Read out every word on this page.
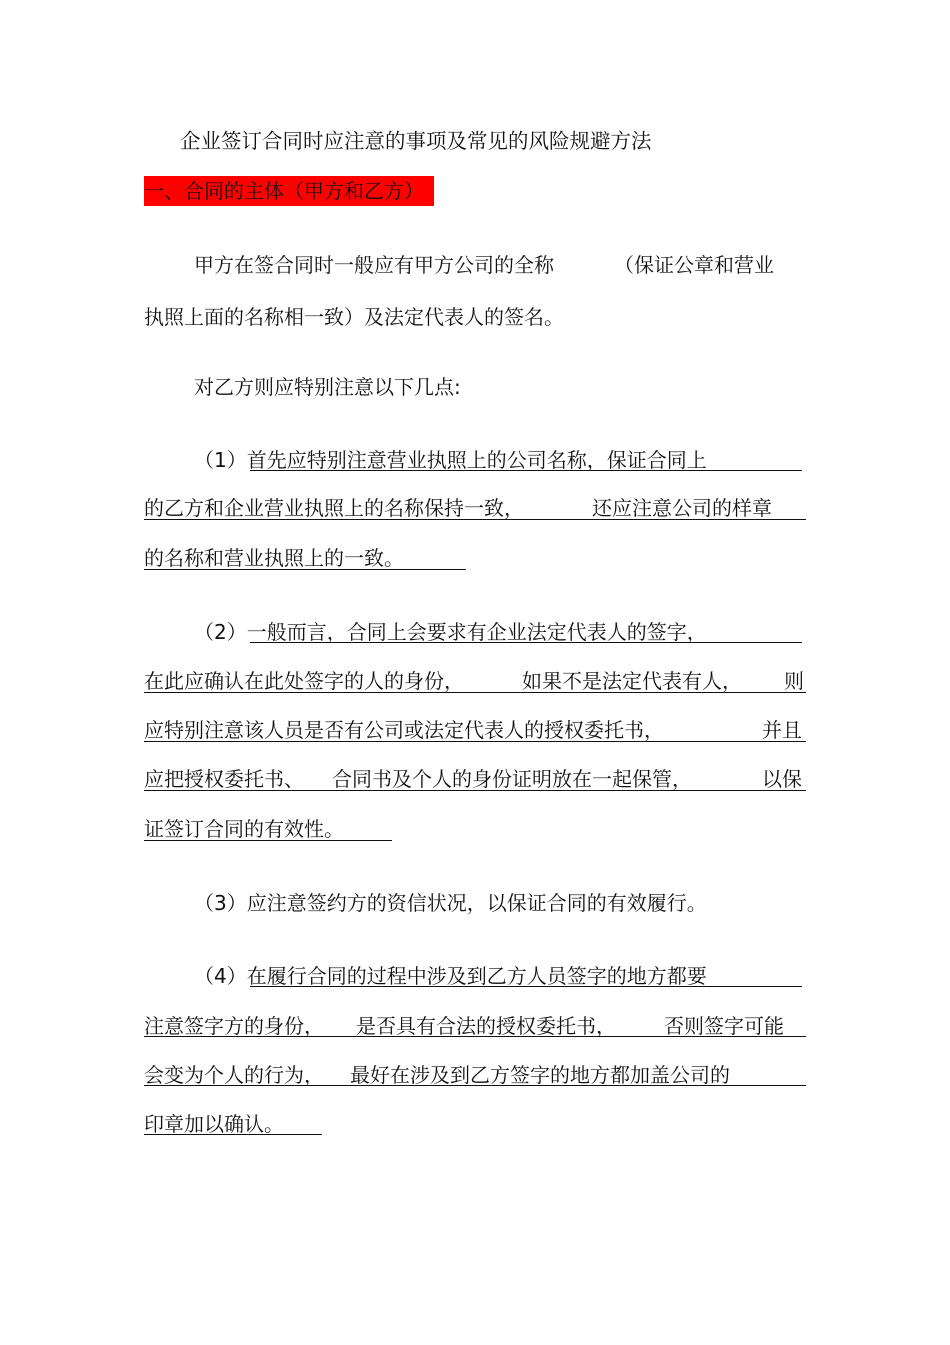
企业签订合同时应注意的事项及常见的风险规避方法
一、合同的主体（甲方和乙方）
甲方在签合同时一般应有甲方公司的全称	（保证公章和营业
执照上面的名称相一致）及法定代表人的签名。
对乙方则应特别注意以下几点:
（1）首先应特别注意营业执照上的公司名称，保证合同上
的乙方和企业营业执照上的名称保持一致，	还应注意公司的样章
的名称和营业执照上的一致。
（2）一般而言，合同上会要求有企业法定代表人的签字，
在此应确认在此处签字的人的身份，	如果不是法定代表有人， 则
应特别注意该人员是否有公司或法定代表人的授权委托书，	并且
应把授权委托书、 合同书及个人的身份证明放在一起保管，	以保
证签订合同的有效性。
（3）应注意签约方的资信状况，以保证合同的有效履行。
（4）在履行合同的过程中涉及到乙方人员签字的地方都要
注意签字方的身份， 是否具有合法的授权委托书， 否则签字可能
会变为个人的行为， 最好在涉及到乙方签字的地方都加盖公司的
印章加以确认。
